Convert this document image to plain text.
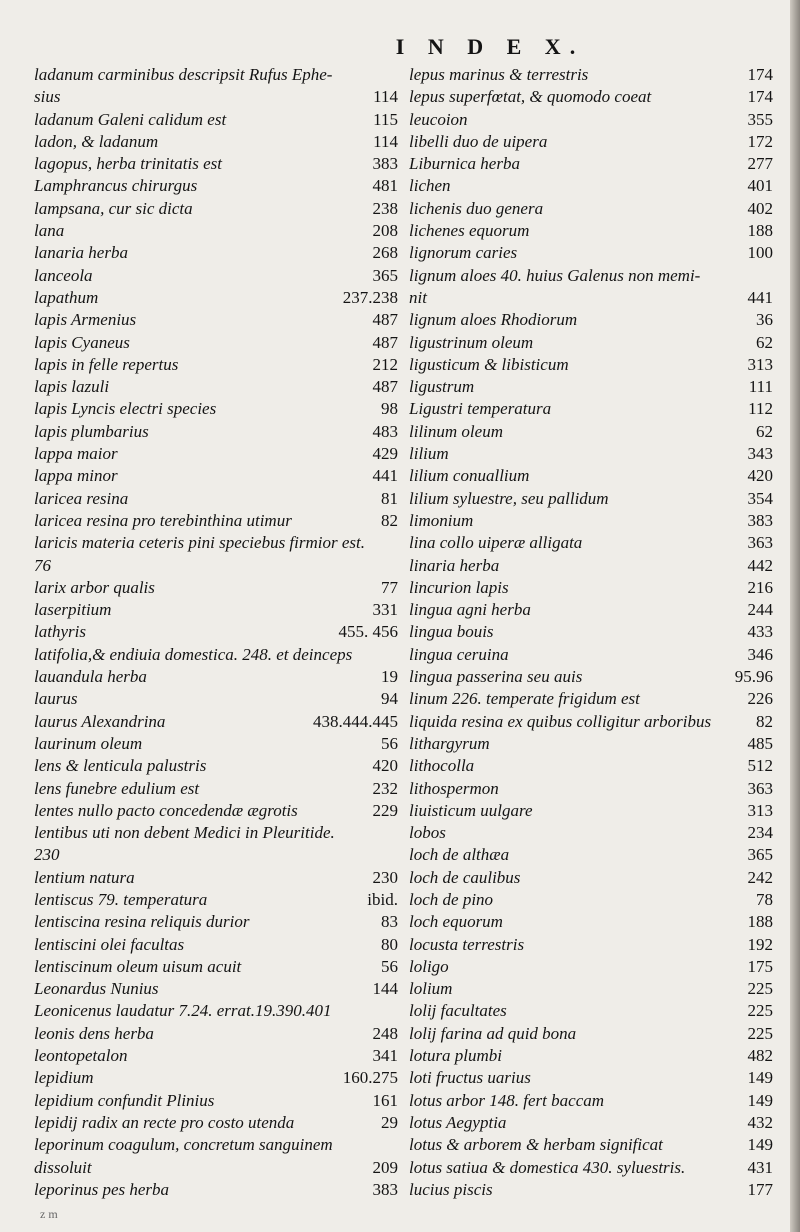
I N D E X.
ladanum carminibus descripsit Rufus Ephe-
sius	114
ladanum Galeni calidum est	115
ladon, & ladanum	114
lagopus, herba trinitatis est	383
Lamphrancus chirurgus	481
lampsana, cur sic dicta	238
lana	208
lanaria herba	268
lanceola	365
lapathum	237.238
lapis Armenius	487
lapis Cyaneus	487
lapis in felle repertus	212
lapis lazuli	487
lapis Lyncis electri species	98
lapis plumbarius	483
lappa maior	429
lappa minor	441
laricea resina	81
laricea resina pro terebinthina utimur	82
laricis materia ceteris pini speciebus firmior est.
76
larix arbor qualis	77
laserpitium	331
lathyris	455. 456
latifolia,& endiuia domestica. 248. et deinceps
lauandula herba	19
laurus	94
laurus Alexandrina	438.444.445
laurinum oleum	56
lens & lenticula palustris	420
lens funebre edulium est	232
lentes nullo pacto concedendæ ægrotis	229
lentibus uti non debent Medici in Pleuritide.
230
lentium natura	230
lentiscus 79. temperatura	ibid.
lentiscina resina reliquis durior	83
lentiscini olei facultas	80
lentiscinum oleum uisum acuit	56
Leonardus Nunius	144
Leonicenus laudatur 7.24. errat.19.390.401
leonis dens herba	248
leontopetalon	341
lepidium	160.275
lepidium confundit Plinius	161
lepidij radix an recte pro costo utenda	29
leporinum coagulum, concretum sanguinem
dissoluit	209
leporinus pes herba	383
lepus marinus & terrestris	174
lepus superfœtat, & quomodo coeat	174
leucoion	355
libelli duo de uipera	172
Liburnica herba	277
lichen	401
lichenis duo genera	402
lichenes equorum	188
lignorum caries	100
lignum aloes 40. huius Galenus non memi-
nit	441
lignum aloes Rhodiorum	36
ligustrinum oleum	62
ligusticum & libisticum	313
ligustrum	111
Ligustri temperatura	112
lilinum oleum	62
lilium	343
lilium conuallium	420
lilium syluestre, seu pallidum	354
limonium	383
lina collo uiperæ alligata	363
linaria herba	442
lincurion lapis	216
lingua agni herba	244
lingua bouis	433
lingua ceruina	346
lingua passerina seu auis	95.96
linum 226. temperate frigidum est	226
liquida resina ex quibus colligitur arboribus	82
lithargyrum	485
lithocolla	512
lithospermon	363
liuisticum uulgare	313
lobos	234
loch de althæa	365
loch de caulibus	242
loch de pino	78
loch equorum	188
locusta terrestris	192
loligo	175
lolium	225
lolij facultates	225
lolij farina ad quid bona	225
lotura plumbi	482
loti fructus uarius	149
lotus arbor 148. fert baccam	149
lotus Aegyptia	432
lotus & arborem & herbam significat	149
lotus satiua & domestica 430. syluestris.	431
lucius piscis	177
z m
